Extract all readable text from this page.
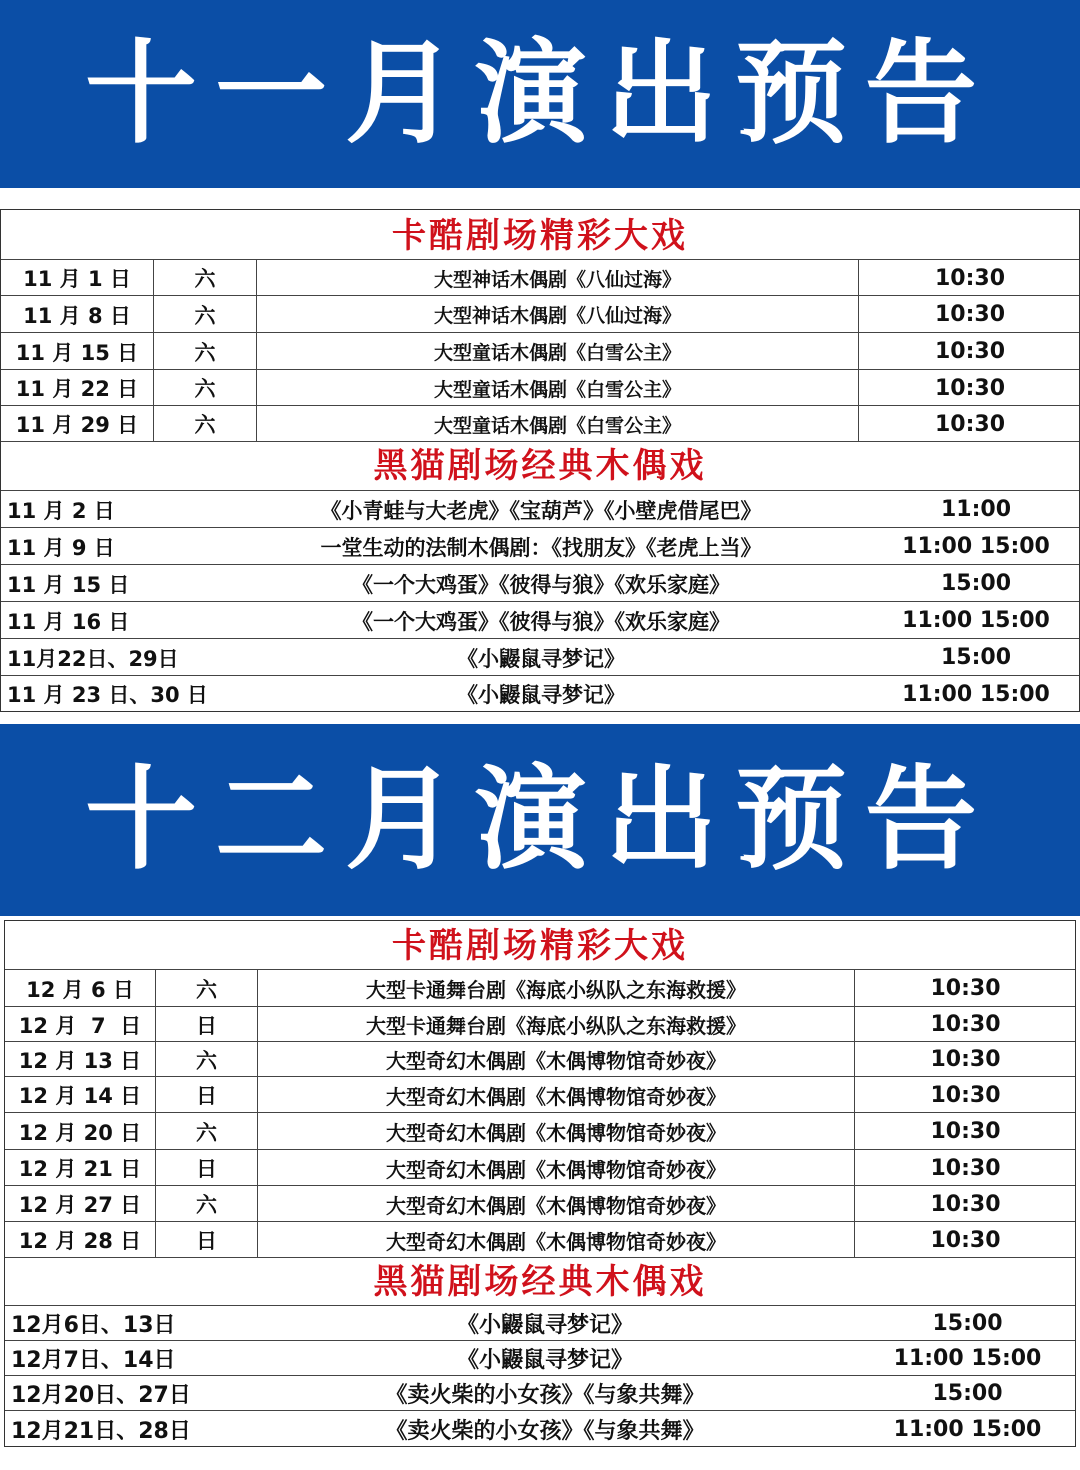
十一月演出预告
卡酷剧场精彩大戏
11 月 1 日	六	大型神话木偶剧《八仙过海》	10:30
11 月 8 日	六	大型神话木偶剧《八仙过海》	10:30
11 月 15 日	六	大型童话木偶剧《白雪公主》	10:30
11 月 22 日	六	大型童话木偶剧《白雪公主》	10:30
11 月 29 日	六	大型童话木偶剧《白雪公主》	10:30
黑猫剧场经典木偶戏
11 月 2 日	《小青蛙与大老虎》《宝葫芦》《小壁虎借尾巴》	11:00
11 月 9 日	一堂生动的法制木偶剧：《找朋友》《老虎上当》	11:00 15:00
11 月 15 日	《一个大鸡蛋》《彼得与狼》《欢乐家庭》	15:00
11 月 16 日	《一个大鸡蛋》《彼得与狼》《欢乐家庭》	11:00 15:00
11月22日、29日	《小鼹鼠寻梦记》	15:00
11 月 23 日、30 日	《小鼹鼠寻梦记》	11:00 15:00
十二月演出预告
卡酷剧场精彩大戏
12 月 6 日	六	大型卡通舞台剧《海底小纵队之东海救援》	10:30
12 月  7  日	日	大型卡通舞台剧《海底小纵队之东海救援》	10:30
12 月 13 日	六	大型奇幻木偶剧《木偶博物馆奇妙夜》	10:30
12 月 14 日	日	大型奇幻木偶剧《木偶博物馆奇妙夜》	10:30
12 月 20 日	六	大型奇幻木偶剧《木偶博物馆奇妙夜》	10:30
12 月 21 日	日	大型奇幻木偶剧《木偶博物馆奇妙夜》	10:30
12 月 27 日	六	大型奇幻木偶剧《木偶博物馆奇妙夜》	10:30
12 月 28 日	日	大型奇幻木偶剧《木偶博物馆奇妙夜》	10:30
黑猫剧场经典木偶戏
12月6日、13日	《小鼹鼠寻梦记》	15:00
12月7日、14日	《小鼹鼠寻梦记》	11:00 15:00
12月20日、27日	《卖火柴的小女孩》《与象共舞》	15:00
12月21日、28日	《卖火柴的小女孩》《与象共舞》	11:00 15:00
